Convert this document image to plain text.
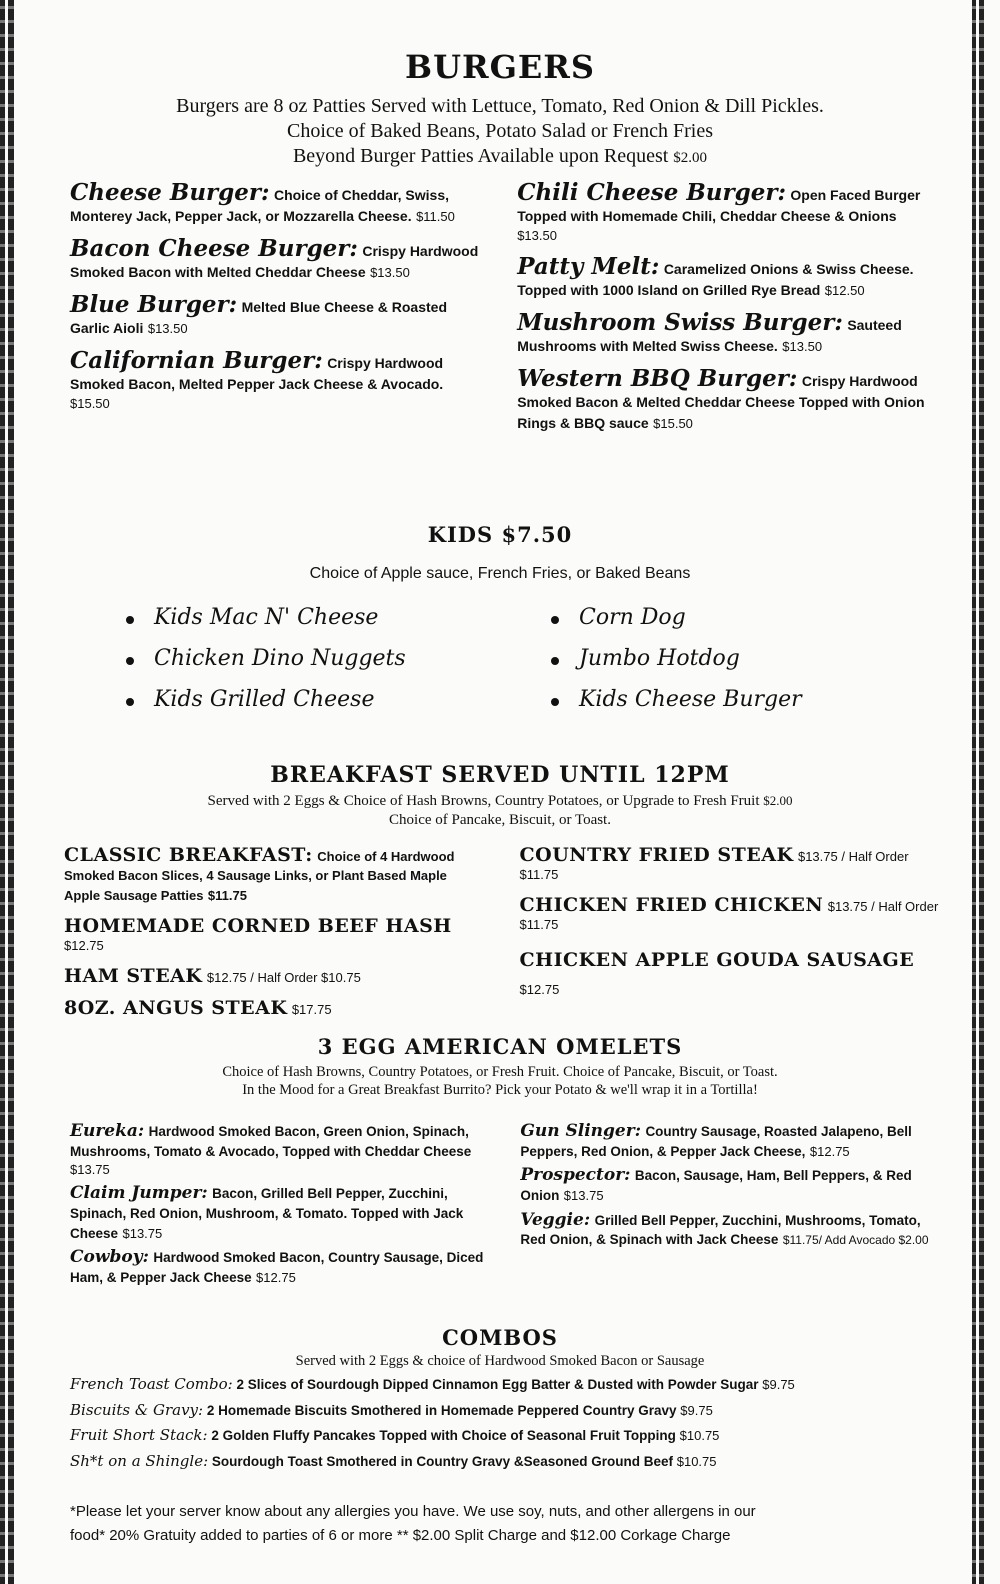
BURGERS
Burgers are 8 oz Patties Served with Lettuce, Tomato, Red Onion & Dill Pickles.
Choice of Baked Beans, Potato Salad or French Fries
Beyond Burger Patties Available upon Request $2.00
Cheese Burger: Choice of Cheddar, Swiss, Monterey Jack, Pepper Jack, or Mozzarella Cheese. $11.50
Bacon Cheese Burger: Crispy Hardwood Smoked Bacon with Melted Cheddar Cheese $13.50
Blue Burger: Melted Blue Cheese & Roasted Garlic Aioli $13.50
Californian Burger: Crispy Hardwood Smoked Bacon, Melted Pepper Jack Cheese & Avocado. $15.50
Chili Cheese Burger: Open Faced Burger Topped with Homemade Chili, Cheddar Cheese & Onions $13.50
Patty Melt: Caramelized Onions & Swiss Cheese. Topped with 1000 Island on Grilled Rye Bread $12.50
Mushroom Swiss Burger: Sauteed Mushrooms with Melted Swiss Cheese. $13.50
Western BBQ Burger: Crispy Hardwood Smoked Bacon & Melted Cheddar Cheese Topped with Onion Rings & BBQ sauce $15.50
KIDS $7.50
Choice of Apple sauce, French Fries, or Baked Beans
Kids Mac N' Cheese
Chicken Dino Nuggets
Kids Grilled Cheese
Corn Dog
Jumbo Hotdog
Kids Cheese Burger
BREAKFAST SERVED UNTIL 12PM
Served with 2 Eggs & Choice of Hash Browns, Country Potatoes, or Upgrade to Fresh Fruit $2.00
Choice of Pancake, Biscuit, or Toast.
CLASSIC BREAKFAST: Choice of 4 Hardwood Smoked Bacon Slices, 4 Sausage Links, or Plant Based Maple Apple Sausage Patties $11.75
HOMEMADE CORNED BEEF HASH
$12.75
HAM STEAK $12.75 / Half Order $10.75
8OZ. ANGUS STEAK $17.75
COUNTRY FRIED STEAK $13.75 / Half Order $11.75
CHICKEN FRIED CHICKEN $13.75 / Half Order $11.75
CHICKEN APPLE GOUDA SAUSAGE $12.75
3 EGG AMERICAN OMELETS
Choice of Hash Browns, Country Potatoes, or Fresh Fruit. Choice of Pancake, Biscuit, or Toast.
In the Mood for a Great Breakfast Burrito? Pick your Potato & we'll wrap it in a Tortilla!
Eureka: Hardwood Smoked Bacon, Green Onion, Spinach, Mushrooms, Tomato & Avocado, Topped with Cheddar Cheese $13.75
Claim Jumper: Bacon, Grilled Bell Pepper, Zucchini, Spinach, Red Onion, Mushroom, & Tomato. Topped with Jack Cheese $13.75
Cowboy: Hardwood Smoked Bacon, Country Sausage, Diced Ham, & Pepper Jack Cheese $12.75
Gun Slinger: Country Sausage, Roasted Jalapeno, Bell Peppers, Red Onion, & Pepper Jack Cheese, $12.75
Prospector: Bacon, Sausage, Ham, Bell Peppers, & Red Onion $13.75
Veggie: Grilled Bell Pepper, Zucchini, Mushrooms, Tomato, Red Onion, & Spinach with Jack Cheese $11.75/ Add Avocado $2.00
COMBOS
Served with 2 Eggs & choice of Hardwood Smoked Bacon or Sausage
French Toast Combo: 2 Slices of Sourdough Dipped Cinnamon Egg Batter & Dusted with Powder Sugar $9.75
Biscuits & Gravy: 2 Homemade Biscuits Smothered in Homemade Peppered Country Gravy $9.75
Fruit Short Stack: 2 Golden Fluffy Pancakes Topped with Choice of Seasonal Fruit Topping $10.75
Sh*t on a Shingle: Sourdough Toast Smothered in Country Gravy &Seasoned Ground Beef $10.75
*Please let your server know about any allergies you have. We use soy, nuts, and other allergens in our
food* 20% Gratuity added to parties of 6 or more ** $2.00 Split Charge and $12.00 Corkage Charge
